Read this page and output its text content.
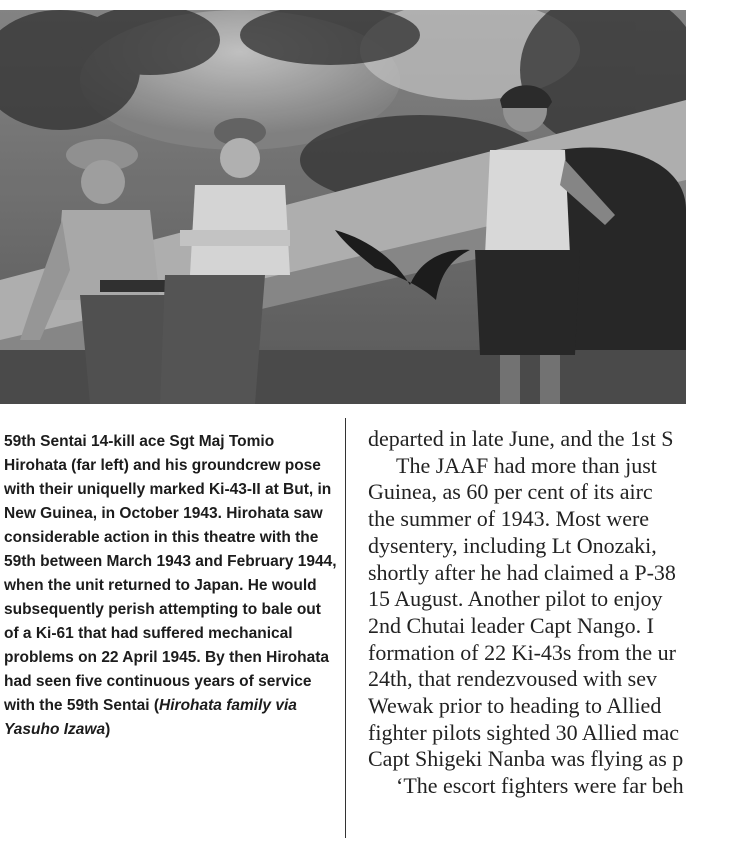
59th Sentai 14-kill ace Sgt Maj Tomio Hirohata (far left) and his groundcrew pose with their uniquelly marked Ki-43-II at But, in New Guinea, in October 1943. Hirohata saw considerable action in this theatre with the 59th between March 1943 and February 1944, when the unit returned to Japan. He would subsequently perish attempting to bale out of a Ki-61 that had suffered mechanical problems on 22 April 1945. By then Hirohata had seen five continuous years of service with the 59th Sentai (Hirohata family via Yasuho Izawa)

departed in late June, and the 1st S
The JAAF had more than just
Guinea, as 60 per cent of its airc
the summer of 1943. Most were
dysentery, including Lt Onozaki,
shortly after he had claimed a P-38
15 August. Another pilot to enjoy
2nd Chutai leader Capt Nango. I
formation of 22 Ki-43s from the ur
24th, that rendezvoused with sev
Wewak prior to heading to Allied
fighter pilots sighted 30 Allied mac
Capt Shigeki Nanba was flying as p
‘The escort fighters were far beh
